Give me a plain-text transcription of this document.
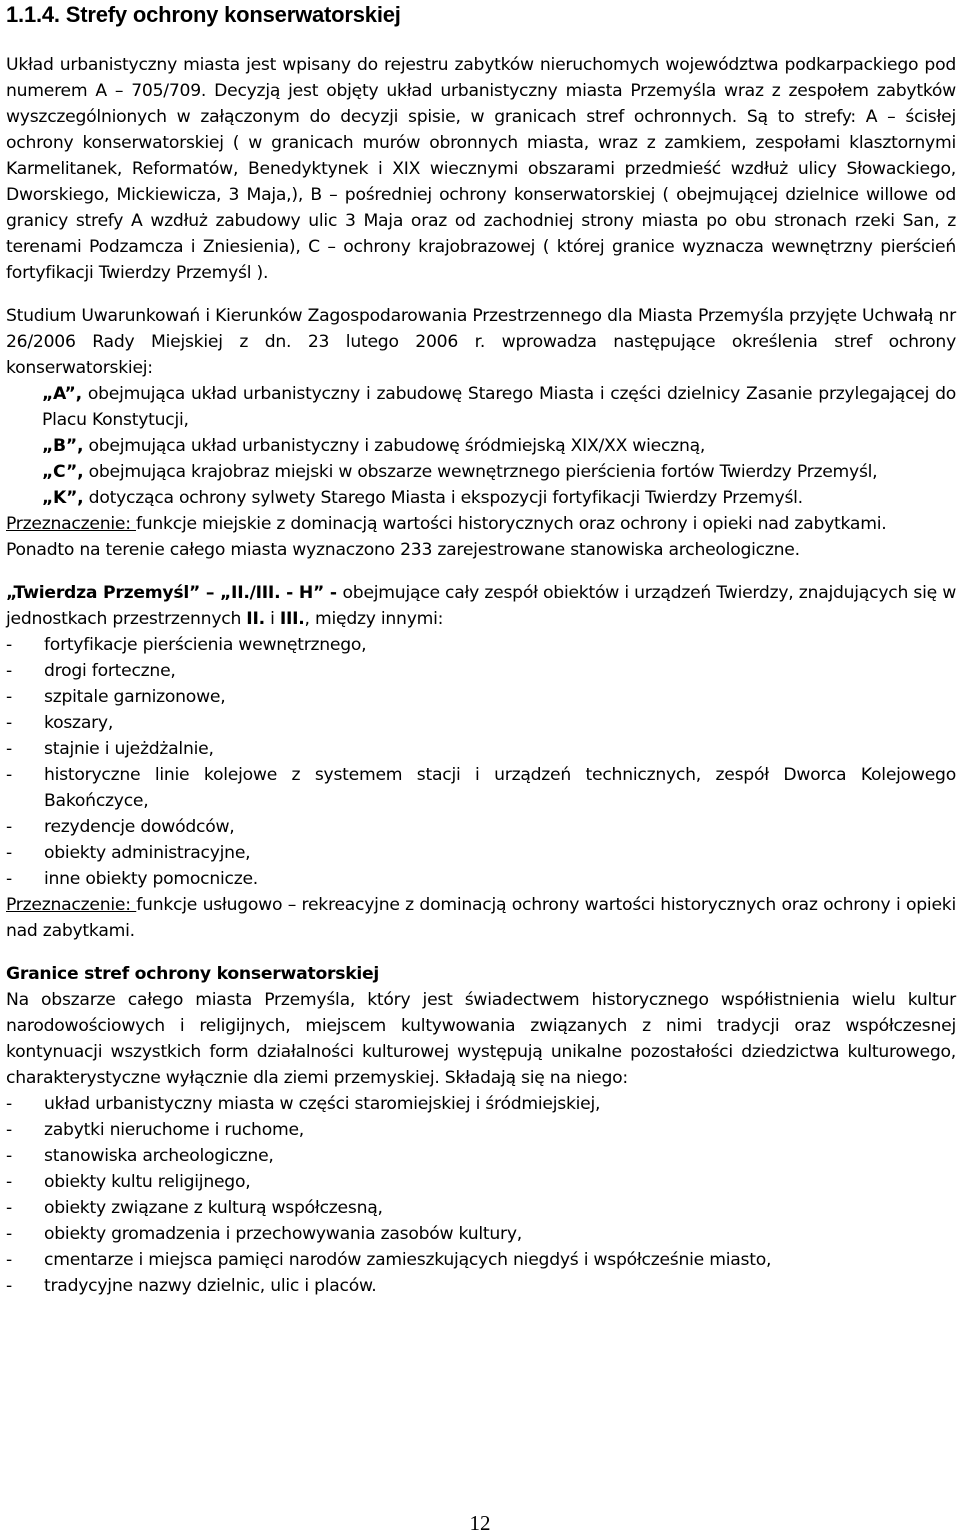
1.1.4. Strefy ochrony konserwatorskiej

Układ urbanistyczny miasta jest wpisany do rejestru zabytków nieruchomych województwa podkarpackiego pod numerem A – 705/709. Decyzją jest objęty układ urbanistyczny miasta Przemyśla wraz z zespołem zabytków wyszczególnionych w załączonym do decyzji spisie, w granicach stref ochronnych. Są to strefy: A – ścisłej ochrony konserwatorskiej ( w granicach murów obronnych miasta, wraz z zamkiem, zespołami klasztornymi Karmelitanek, Reformatów, Benedyktynek i XIX wiecznymi obszarami przedmieść wzdłuż ulicy Słowackiego, Dworskiego, Mickiewicza, 3 Maja,), B – pośredniej ochrony konserwatorskiej ( obejmującej dzielnice willowe od granicy strefy A wzdłuż zabudowy ulic 3 Maja oraz od zachodniej strony miasta po obu stronach rzeki San, z terenami Podzamcza i Zniesienia), C – ochrony krajobrazowej ( której granice wyznacza wewnętrzny pierścień fortyfikacji Twierdzy Przemyśl ).

Studium Uwarunkowań i Kierunków Zagospodarowania Przestrzennego dla Miasta Przemyśla przyjęte Uchwałą nr 26/2006 Rady Miejskiej z dn. 23 lutego 2006 r. wprowadza następujące określenia stref ochrony konserwatorskiej:

„A”, obejmująca układ urbanistyczny i zabudowę Starego Miasta i części dzielnicy Zasanie przylegającej do Placu Konstytucji,

„B”, obejmująca układ urbanistyczny i zabudowę śródmiejską XIX/XX wieczną,

„C”, obejmująca krajobraz miejski w obszarze wewnętrznego pierścienia fortów Twierdzy Przemyśl,

„K”, dotycząca ochrony sylwety Starego Miasta i ekspozycji fortyfikacji Twierdzy Przemyśl.

Przeznaczenie: funkcje miejskie z dominacją wartości historycznych oraz ochrony i opieki nad zabytkami.

Ponadto na terenie całego miasta wyznaczono 233 zarejestrowane stanowiska archeologiczne.

„Twierdza Przemyśl” – „II./III. - H” - obejmujące cały zespół obiektów i urządzeń Twierdzy, znajdujących się w jednostkach przestrzennych II. i III., między innymi:

-	fortyfikacje pierścienia wewnętrznego,
-	drogi forteczne,
-	szpitale garnizonowe,
-	koszary,
-	stajnie i ujeżdżalnie,
-	historyczne linie kolejowe z systemem stacji i urządzeń technicznych, zespół Dworca Kolejowego Bakończyce,
-	rezydencje dowódców,
-	obiekty administracyjne,
-	inne obiekty pomocnicze.

Przeznaczenie: funkcje usługowo – rekreacyjne z dominacją ochrony wartości historycznych oraz ochrony i opieki nad zabytkami.

Granice stref ochrony konserwatorskiej

Na obszarze całego miasta Przemyśla, który jest świadectwem historycznego współistnienia wielu kultur narodowościowych i religijnych, miejscem kultywowania związanych z nimi tradycji oraz współczesnej kontynuacji wszystkich form działalności kulturowej występują unikalne pozostałości dziedzictwa kulturowego, charakterystyczne wyłącznie dla ziemi przemyskiej. Składają się na niego:

-	układ urbanistyczny miasta w części staromiejskiej i śródmiejskiej,
-	zabytki nieruchome i ruchome,
-	stanowiska archeologiczne,
-	obiekty kultu religijnego,
-	obiekty związane z kulturą współczesną,
-	obiekty gromadzenia i przechowywania zasobów kultury,
-	cmentarze i miejsca pamięci narodów zamieszkujących niegdyś i współcześnie miasto,
-	tradycyjne nazwy dzielnic, ulic i placów.
12
